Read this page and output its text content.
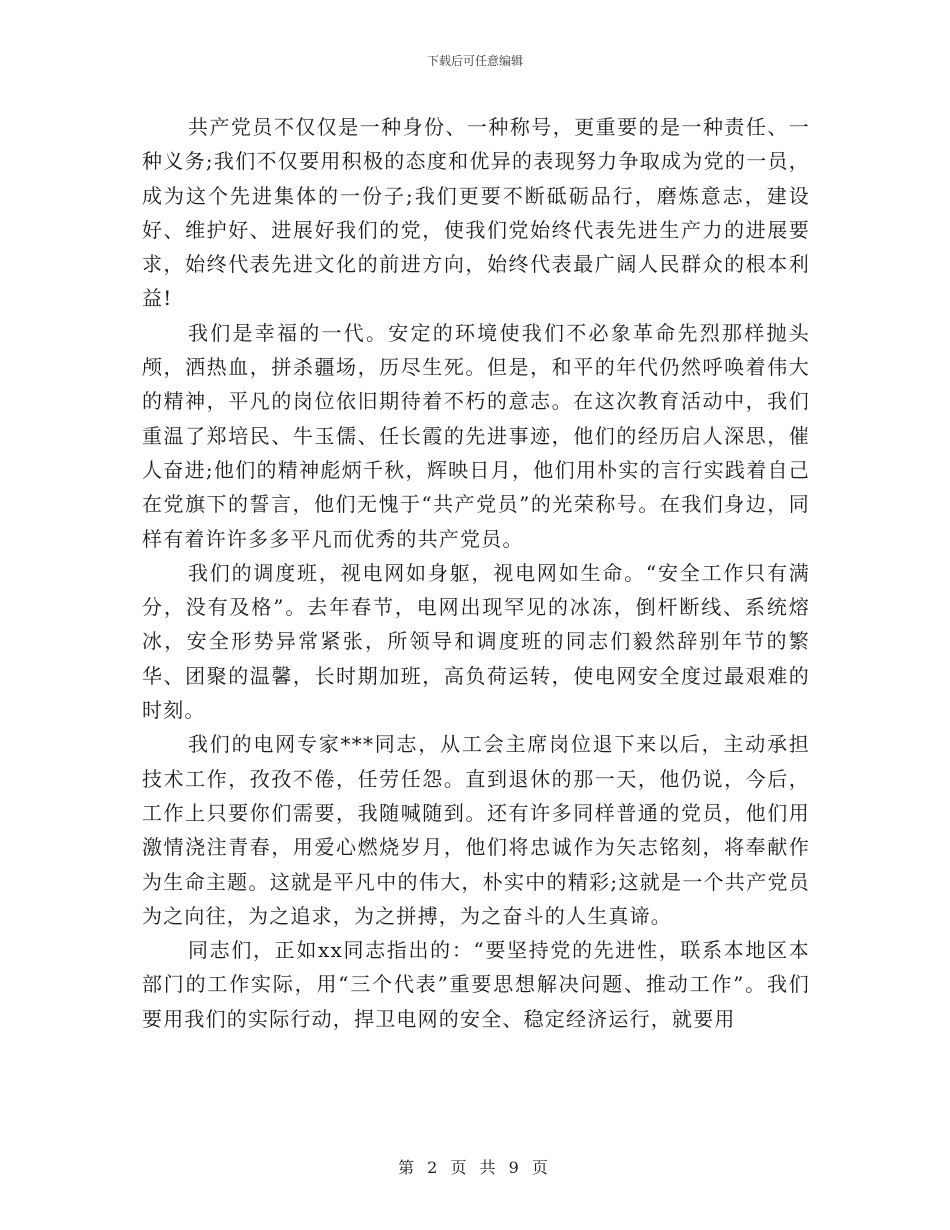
下载后可任意编辑

共产党员不仅仅是一种身份、一种称号，更重要的是一种责任、一种义务;我们不仅要用积极的态度和优异的表现努力争取成为党的一员，成为这个先进集体的一份子;我们更要不断砥砺品行，磨炼意志，建设好、维护好、进展好我们的党，使我们党始终代表先进生产力的进展要求，始终代表先进文化的前进方向，始终代表最广阔人民群众的根本利益!

我们是幸福的一代。安定的环境使我们不必象革命先烈那样抛头颅，洒热血，拼杀疆场，历尽生死。但是，和平的年代仍然呼唤着伟大的精神，平凡的岗位依旧期待着不朽的意志。在这次教育活动中，我们重温了郑培民、牛玉儒、任长霞的先进事迹，他们的经历启人深思，催人奋进;他们的精神彪炳千秋，辉映日月，他们用朴实的言行实践着自己在党旗下的誓言，他们无愧于“共产党员”的光荣称号。在我们身边，同样有着许许多多平凡而优秀的共产党员。

我们的调度班，视电网如身躯，视电网如生命。“安全工作只有满分，没有及格”。去年春节，电网出现罕见的冰冻，倒杆断线、系统熔冰，安全形势异常紧张，所领导和调度班的同志们毅然辞别年节的繁华、团聚的温馨，长时期加班，高负荷运转，使电网安全度过最艰难的时刻。

我们的电网专家***同志，从工会主席岗位退下来以后，主动承担技术工作，孜孜不倦，任劳任怨。直到退休的那一天，他仍说，今后，工作上只要你们需要，我随喊随到。还有许多同样普通的党员，他们用激情浇注青春，用爱心燃烧岁月，他们将忠诚作为矢志铭刻，将奉献作为生命主题。这就是平凡中的伟大，朴实中的精彩;这就是一个共产党员为之向往，为之追求，为之拼搏，为之奋斗的人生真谛。

同志们，正如xx同志指出的：“要坚持党的先进性，联系本地区本部门的工作实际，用“三个代表”重要思想解决问题、推动工作”。我们要用我们的实际行动，捍卫电网的安全、稳定经济运行，就要用

第 2 页 共 9 页
